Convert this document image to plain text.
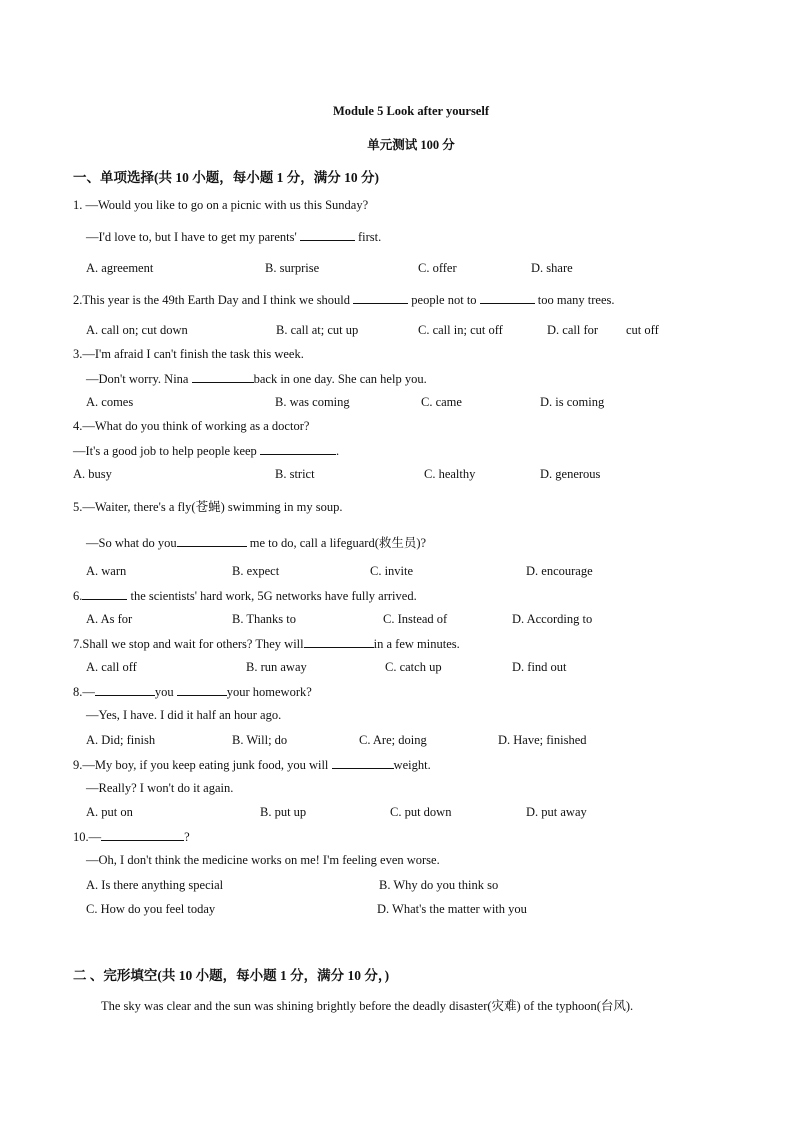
Module 5 Look after yourself
单元测试 100 分
一、单项选择(共 10 小题，每小题 1 分，满分 10 分)
1. —Would you like to go on a picnic with us this Sunday?
—I'd love to, but I have to get my parents'	first.
A. agreement	B. surprise	C. offer	D. share
2.This year is the 49th Earth Day and I think we should	people not to	too many trees.
A. call on; cut down	B. call at; cut up	C. call in; cut off	D. call for cut off
3.—I'm afraid I can't finish the task this week.
—Don't worry. Nina	back in one day. She can help you.
A. comes	B. was coming	C. came	D. is coming
4.—What do you think of working as a doctor?
—It's a good job to help people keep	.
A. busy	B. strict	C. healthy	D. generous
5.—Waiter, there's a fly(苍蝇) swimming in my soup.
—So what do you	me to do, call a lifeguard(救生员)?
A. warn	B. expect	C. invite	D. encourage
6.	the scientists' hard work, 5G networks have fully arrived.
A. As for	B. Thanks to	C. Instead of	D. According to
7.Shall we stop and wait for others? They will	in a few minutes.
A. call off	B. run away	C. catch up	D. find out
8.—	you	your homework?
—Yes, I have. I did it half an hour ago.
A. Did; finish	B. Will; do	C. Are; doing	D. Have; finished
9.—My boy, if you keep eating junk food, you will	weight.
—Really? I won't do it again.
A. put on	B. put up	C. put down	D. put away
10.—	?
—Oh, I don't think the medicine works on me! I'm feeling even worse.
A. Is there anything special	B. Why do you think so
C. How do you feel today	D. What's the matter with you
二 、完形填空(共 10 小题，每小题 1 分，满分 10 分，)
The sky was clear and the sun was shining brightly before the deadly disaster(灾难) of the typhoon(台风).
